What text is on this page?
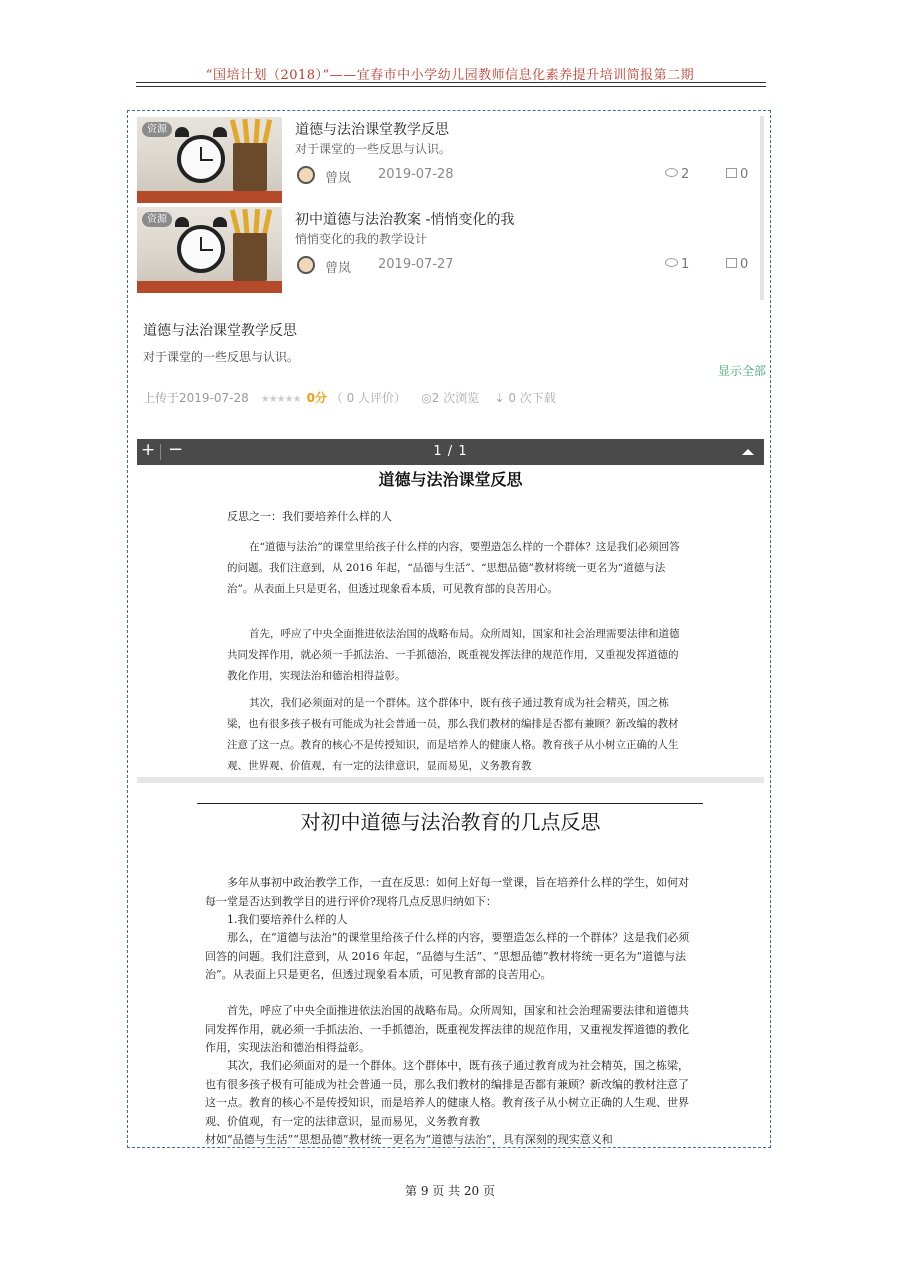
“国培计划（2018）”——宜春市中小学幼儿园教师信息化素养提升培训简报第二期
资源	道德与法治课堂教学反思
对于课堂的一些反思与认识。
曾岚 2019-07-28	2	0
资源	初中道德与法治教案 -悄悄变化的我
悄悄变化的我的教学设计
曾岚 2019-07-27	1	0
道德与法治课堂教学反思
对于课堂的一些反思与认识。
显示全部
上传于2019-07-28 ★★★★★ 0分 （ 0 人评价） ◎2 次浏览 ⇣ 0 次下载
+ −	1 / 1
道德与法治课堂反思
反思之一：我们要培养什么样的人

在“道德与法治”的课堂里给孩子什么样的内容，要塑造怎么样的一个群体？这是我们必须回答的问题。我们注意到，从 2016 年起，“品德与生活”、“思想品德”教材将统一更名为“道德与法治”。从表面上只是更名，但透过现象看本质，可见教育部的良苦用心。

首先，呼应了中央全面推进依法治国的战略布局。众所周知，国家和社会治理需要法律和道德共同发挥作用，就必须一手抓法治、一手抓德治，既重视发挥法律的规范作用，又重视发挥道德的教化作用，实现法治和德治相得益彰。

其次，我们必须面对的是一个群体。这个群体中，既有孩子通过教育成为社会精英，国之栋梁，也有很多孩子极有可能成为社会普通一员，那么我们教材的编排是否都有兼顾？新改编的教材注意了这一点。教育的核心不是传授知识，而是培养人的健康人格。教育孩子从小树立正确的人生观、世界观、价值观，有一定的法律意识，显而易见，义务教育教

对初中道德与法治教育的几点反思

多年从事初中政治教学工作，一直在反思：如何上好每一堂课，旨在培养什么样的学生，如何对每一堂是否达到教学目的进行评价?现将几点反思归纳如下：

1.我们要培养什么样的人

那么，在“道德与法治”的课堂里给孩子什么样的内容，要塑造怎么样的一个群体？这是我们必须回答的问题。我们注意到，从 2016 年起，“品德与生活”、“思想品德”教材将统一更名为“道德与法治”。从表面上只是更名，但透过现象看本质，可见教育部的良苦用心。

首先，呼应了中央全面推进依法治国的战略布局。众所周知，国家和社会治理需要法律和道德共同发挥作用，就必须一手抓法治、一手抓德治，既重视发挥法律的规范作用，又重视发挥道德的教化作用，实现法治和德治相得益彰。

其次，我们必须面对的是一个群体。这个群体中，既有孩子通过教育成为社会精英，国之栋梁，也有很多孩子极有可能成为社会普通一员，那么我们教材的编排是否都有兼顾？新改编的教材注意了这一点。教育的核心不是传授知识，而是培养人的健康人格。教育孩子从小树立正确的人生观、世界观、价值观，有一定的法律意识，显而易见，义务教育教

材如“品德与生活”“思想品德”教材统一更名为“道德与法治”，具有深刻的现实意义和
第 9 页 共 20 页
